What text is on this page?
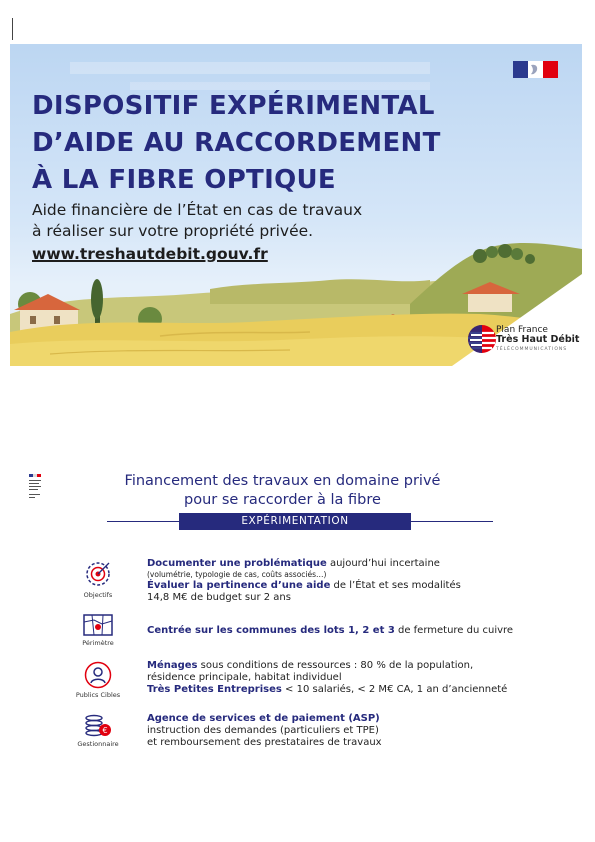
DISPOSITIF EXPÉRIMENTAL
D’AIDE AU RACCORDEMENT
À LA FIBRE OPTIQUE

Aide financière de l’État en cas de travaux
à réaliser sur votre propriété privée.

www.treshautdebit.gouv.fr
Plan France
Très Haut Débit
TÉLÉCOMMUNICATIONS
Financement des travaux en domaine privé
pour se raccorder à la fibre
EXPÉRIMENTATION
Objectifs
Documenter une problématique aujourd’hui incertaine
(volumétrie, typologie de cas, coûts associés…)
Évaluer la pertinence d’une aide de l’État et ses modalités
14,8 M€ de budget sur 2 ans
Périmètre
Centrée sur les communes des lots 1, 2 et 3 de fermeture du cuivre
Publics Cibles
Ménages sous conditions de ressources : 80 % de la population,
résidence principale, habitat individuel
Très Petites Entreprises < 10 salariés, < 2 M€ CA, 1 an d’ancienneté
€
Gestionnaire
Agence de services et de paiement (ASP)
instruction des demandes (particuliers et TPE)
et remboursement des prestataires de travaux
